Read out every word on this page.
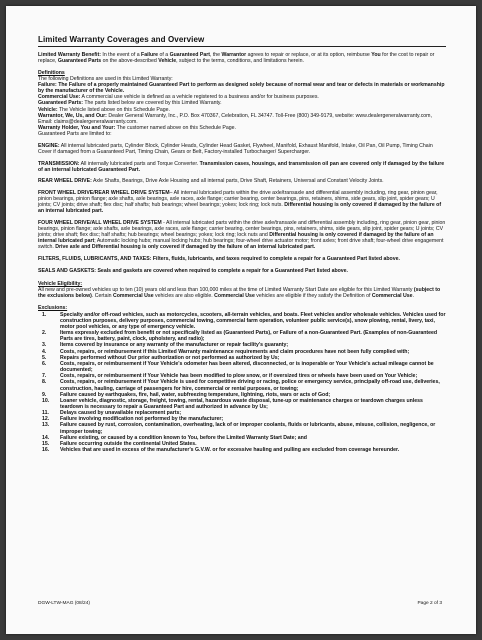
Limited Warranty Coverages and Overview

Limited Warranty Benefit: In the event of a Failure of a Guaranteed Part, the Warrantor agrees to repair or replace, or at its option, reimburse You for the cost to repair or replace, Guaranteed Parts on the above-described Vehicle, subject to the terms, conditions, and limitations herein.

Definitions

The following Definitions are used in this Limited Warranty:

Failure: The Failure of a properly maintained Guaranteed Part to perform as designed solely because of normal wear and tear or defects in materials or workmanship by the manufacturer of the Vehicle.

Commercial Use: A commercial use vehicle is defined as a vehicle registered to a business and/or for business purposes.

Guaranteed Parts: The parts listed below are covered by this Limited Warranty.

Vehicle: The Vehicle listed above on this Schedule Page.

Warrantor, We, Us, and Our: Dealer General Warranty, Inc., P.O. Box 470367, Celebration, FL 34747. Toll-Free (800) 349-9179, website: www.dealergeneralwarranty.com, Email: claims@dealergeneralwarranty.com.

Warranty Holder, You and Your: The customer named above on this Schedule Page.

Guaranteed Parts are limited to:

ENGINE: All internal lubricated parts, Cylinder Block, Cylinder Heads, Cylinder Head Gasket, Flywheel, Manifold, Exhaust Manifold, Intake, Oil Pan, Oil Pump, Timing Chain Cover if damaged from a Guaranteed Part, Timing Chain, Gears or Belt, Factory-installed Turbocharger/ Supercharger.

TRANSMISSION: All internally lubricated parts and Torque Converter. Transmission cases, housings, and transmission oil pan are covered only if damaged by the failure of an internal lubricated Guaranteed Part.

REAR WHEEL DRIVE: Axle Shafts, Bearings, Drive Axle Housing and all internal parts, Drive Shaft, Retainers, Universal and Constant Velocity Joints.

FRONT WHEEL DRIVE/REAR WHEEL DRIVE SYSTEM– All internal lubricated parts within the drive axle/transaxle and differential assembly including, ring gear, pinion gear, pinion bearings, pinion flange; axle shafts, axle bearings, axle races, axle flange; carrier bearing, center bearings, pins, retainers, shims, side gears, slip joint, spider gears; U joints; CV joints; drive shaft; flex disc; half shafts; hub bearings; wheel bearings; yokes; lock ring; lock nuts. Differential housing is only covered if damaged by the failure of an internal lubricated part.

FOUR WHEEL DRIVE/ALL WHEEL DRIVE SYSTEM - All internal lubricated parts within the drive axle/transaxle and differential assembly including, ring gear, pinion gear, pinion bearings, pinion flange; axle shafts, axle bearings, axle races, axle flange; carrier bearing, center bearings, pins, retainers, shims, side gears, slip joint, spider gears; U joints; CV joints; drive shaft; flex disc; half shafts; hub bearings; wheel bearings; yokes; lock ring; lock nuts and Differential housing is only covered if damaged by the failure of an internal lubricated part; Automatic locking hubs; manual locking hubs; hub bearings; four-wheel drive actuator motor; front axles; front drive shaft; four-wheel drive engagement switch. Drive axle and Differential housing is only covered if damaged by the failure of an internal lubricated part.

FILTERS, FLUIDS, LUBRICANTS, AND TAXES: Filters, fluids, lubricants, and taxes required to complete a repair for a Guaranteed Part listed above.

SEALS AND GASKETS: Seals and gaskets are covered when required to complete a repair for a Guaranteed Part listed above.

Vehicle Eligibility:

All new and pre-owned vehicles up to ten (10) years old and less than 100,000 miles at the time of Limited Warranty Start Date are eligible for this Limited Warranty (subject to the exclusions below). Certain Commercial Use vehicles are also eligible. Commercial Use vehicles are eligible if they satisfy the Definition of Commercial Use.

Exclusions:

1.	Specialty and/or off-road vehicles, such as motorcycles, scooters, all-terrain vehicles, and boats. Fleet vehicles and/or wholesale vehicles. Vehicles used for construction purposes, delivery purposes, commercial towing, commercial farm operation, volunteer public service(s), snow plowing, rental, livery, taxi, motor pool vehicles, or any type of emergency vehicle.
2.	Items expressly excluded from benefit or not specifically listed as (Guaranteed Parts), or Failure of a non-Guaranteed Part. (Examples of non-Guaranteed Parts are tires, battery, paint, clock, upholstery, and radio);
3.	Items covered by insurance or any warranty of the manufacturer or repair facility's guaranty;
4.	Costs, repairs, or reimbursement if this Limited Warranty maintenance requirements and claim procedures have not been fully complied with;
5.	Repairs performed without Our prior authorization or not performed as authorized by Us;
6.	Costs, repairs, or reimbursement if Your Vehicle's odometer has been altered, disconnected, or is inoperable or Your Vehicle's actual mileage cannot be documented;
7.	Costs, repairs, or reimbursement if Your Vehicle has been modified to plow snow, or if oversized tires or wheels have been used on Your Vehicle;
8.	Costs, repairs, or reimbursement if Your Vehicle is used for competitive driving or racing, police or emergency service, principally off-road use, deliveries, construction, hauling, carriage of passengers for hire, commercial or rental purposes, or towing;
9.	Failure caused by earthquakes, fire, hail, water, subfreezing temperature, lightning, riots, wars or acts of God;
10. Loaner vehicle, diagnostic, storage, freight, towing, rental, hazardous waste disposal, tune-up or maintenance charges or teardown charges unless teardown is necessary to repair a Guaranteed Part and authorized in advance by Us;
11. Delays caused by unavailable replacement parts;
12. Failure involving modification not performed by the manufacturer;
13. Failure caused by rust, corrosion, contamination, overheating, lack of or improper coolants, fluids or lubricants, abuse, misuse, collision, negligence, or improper towing;
14. Failure existing, or caused by a condition known to You, before the Limited Warranty Start Date; and
15. Failure occurring outside the continental United States.
16. Vehicles that are used in excess of the manufacturer's G.V.W. or for excessive hauling and pulling are excluded from coverage hereunder.
DGW-LTW-MAG (08/24)	Page 2 of 3
